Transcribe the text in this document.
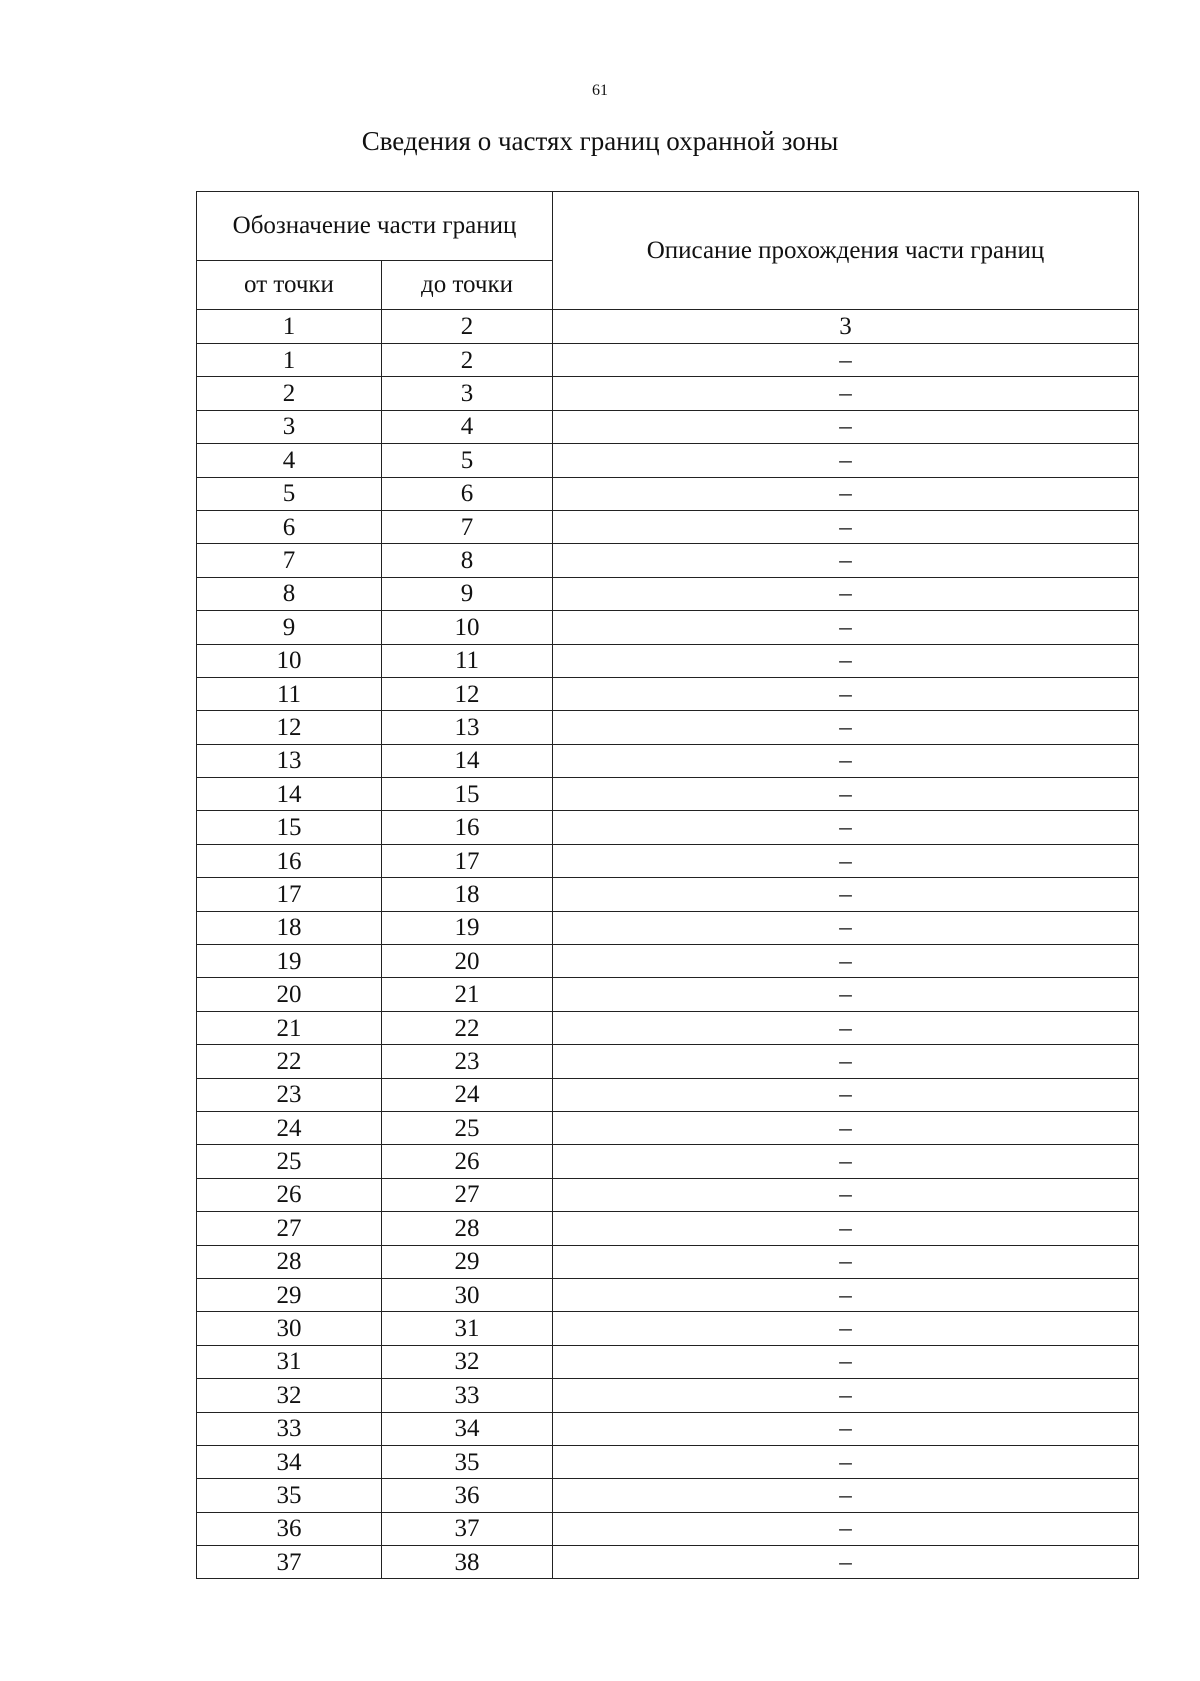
61
Сведения о частях границ охранной зоны
Обозначение части границ		Описание прохождения части границ
от точки	до точки	
1	2	3
1	2	–
2	3	–
3	4	–
4	5	–
5	6	–
6	7	–
7	8	–
8	9	–
9	10	–
10	11	–
11	12	–
12	13	–
13	14	–
14	15	–
15	16	–
16	17	–
17	18	–
18	19	–
19	20	–
20	21	–
21	22	–
22	23	–
23	24	–
24	25	–
25	26	–
26	27	–
27	28	–
28	29	–
29	30	–
30	31	–
31	32	–
32	33	–
33	34	–
34	35	–
35	36	–
36	37	–
37	38	–
